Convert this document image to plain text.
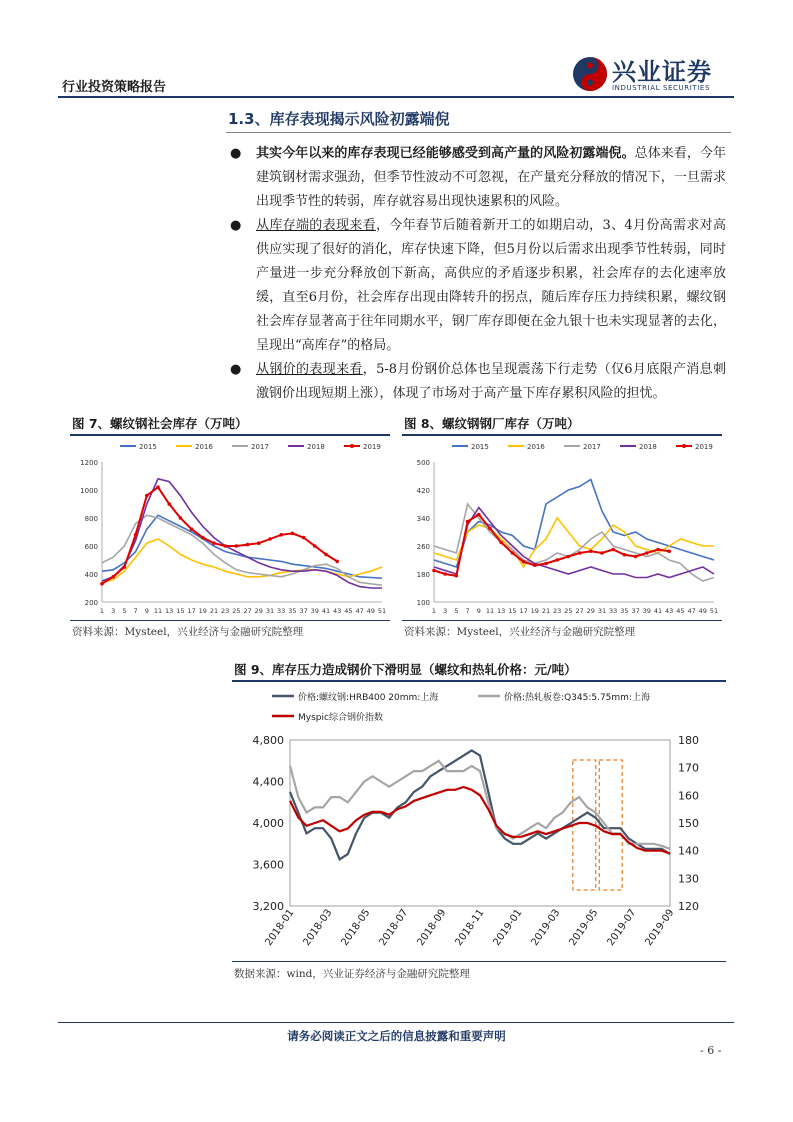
行业投资策略报告
兴业证券
INDUSTRIAL SECURITIES
1.3、库存表现揭示风险初露端倪
● 其实今年以来的库存表现已经能够感受到高产量的风险初露端倪。总体来看，今年建筑钢材需求强劲，但季节性波动不可忽视，在产量充分释放的情况下，一旦需求出现季节性的转弱，库存就容易出现快速累积的风险。
● 从库存端的表现来看，今年春节后随着新开工的如期启动，3、4月份高需求对高供应实现了很好的消化，库存快速下降，但5月份以后需求出现季节性转弱，同时产量进一步充分释放创下新高，高供应的矛盾逐步积累，社会库存的去化速率放缓，直至6月份，社会库存出现由降转升的拐点，随后库存压力持续积累，螺纹钢社会库存显著高于往年同期水平，钢厂库存即便在金九银十也未实现显著的去化，呈现出“高库存”的格局。
● 从钢价的表现来看，5-8月份钢价总体也呈现震荡下行走势（仅6月底限产消息刺激钢价出现短期上涨），体现了市场对于高产量下库存累积风险的担忧。
图 7、螺纹钢社会库存（万吨）
2015	2016	2017	2018	2019
200
400
600
800
1000
1200
1 3 5 7 9 11 13 15 17 19 21 23 25 27 29 31 33 35 37 39 41 43 45 47 49 51
资料来源：Mysteel，兴业经济与金融研究院整理
图 8、螺纹钢钢厂库存（万吨）
2015	2016	2017	2018	2019
100
180
260
340
420
500
1 3 5 7 9 11 13 15 17 19 21 23 25 27 29 31 33 35 37 39 41 43 45 47 49 51
资料来源：Mysteel，兴业经济与金融研究院整理
图 9、库存压力造成钢价下滑明显（螺纹和热轧价格：元/吨）
价格:螺纹钢:HRB400 20mm:上海	价格:热轧板卷:Q345:5.75mm:上海
Myspic综合钢价指数
3,200
3,600
4,000
4,400
4,800
120
130
140
150
160
170
180
2018-01 2018-03 2018-05 2018-07 2018-09 2018-11 2019-01 2019-03 2019-05 2019-07 2019-09
数据来源：wind，兴业证券经济与金融研究院整理
请务必阅读正文之后的信息披露和重要声明
- 6 -
